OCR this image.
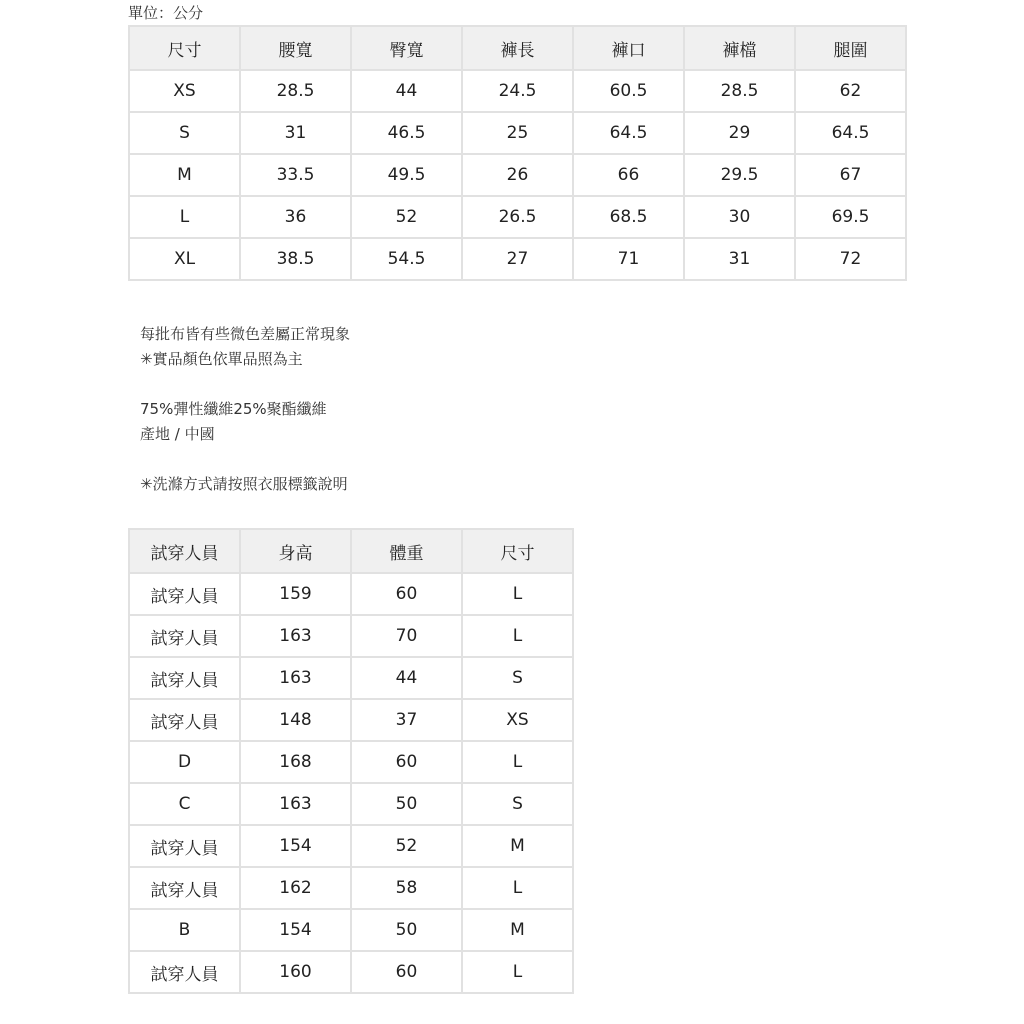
單位：公分
尺寸	腰寬	臀寬	褲長	褲口	褲檔	腿圍
XS	28.5	44	24.5	60.5	28.5	62
S	31	46.5	25	64.5	29	64.5
M	33.5	49.5	26	66	29.5	67
L	36	52	26.5	68.5	30	69.5
XL	38.5	54.5	27	71	31	72

每批布皆有些微色差屬正常現象

✳實品顏色依單品照為主

75%彈性纖維25%聚酯纖維

產地 / 中國

✳洗滌方式請按照衣服標籤說明

試穿人員	身高	體重	尺寸
試穿人員	159	60	L
試穿人員	163	70	L
試穿人員	163	44	S
試穿人員	148	37	XS
D	168	60	L
C	163	50	S
試穿人員	154	52	M
試穿人員	162	58	L
B	154	50	M
試穿人員	160	60	L
